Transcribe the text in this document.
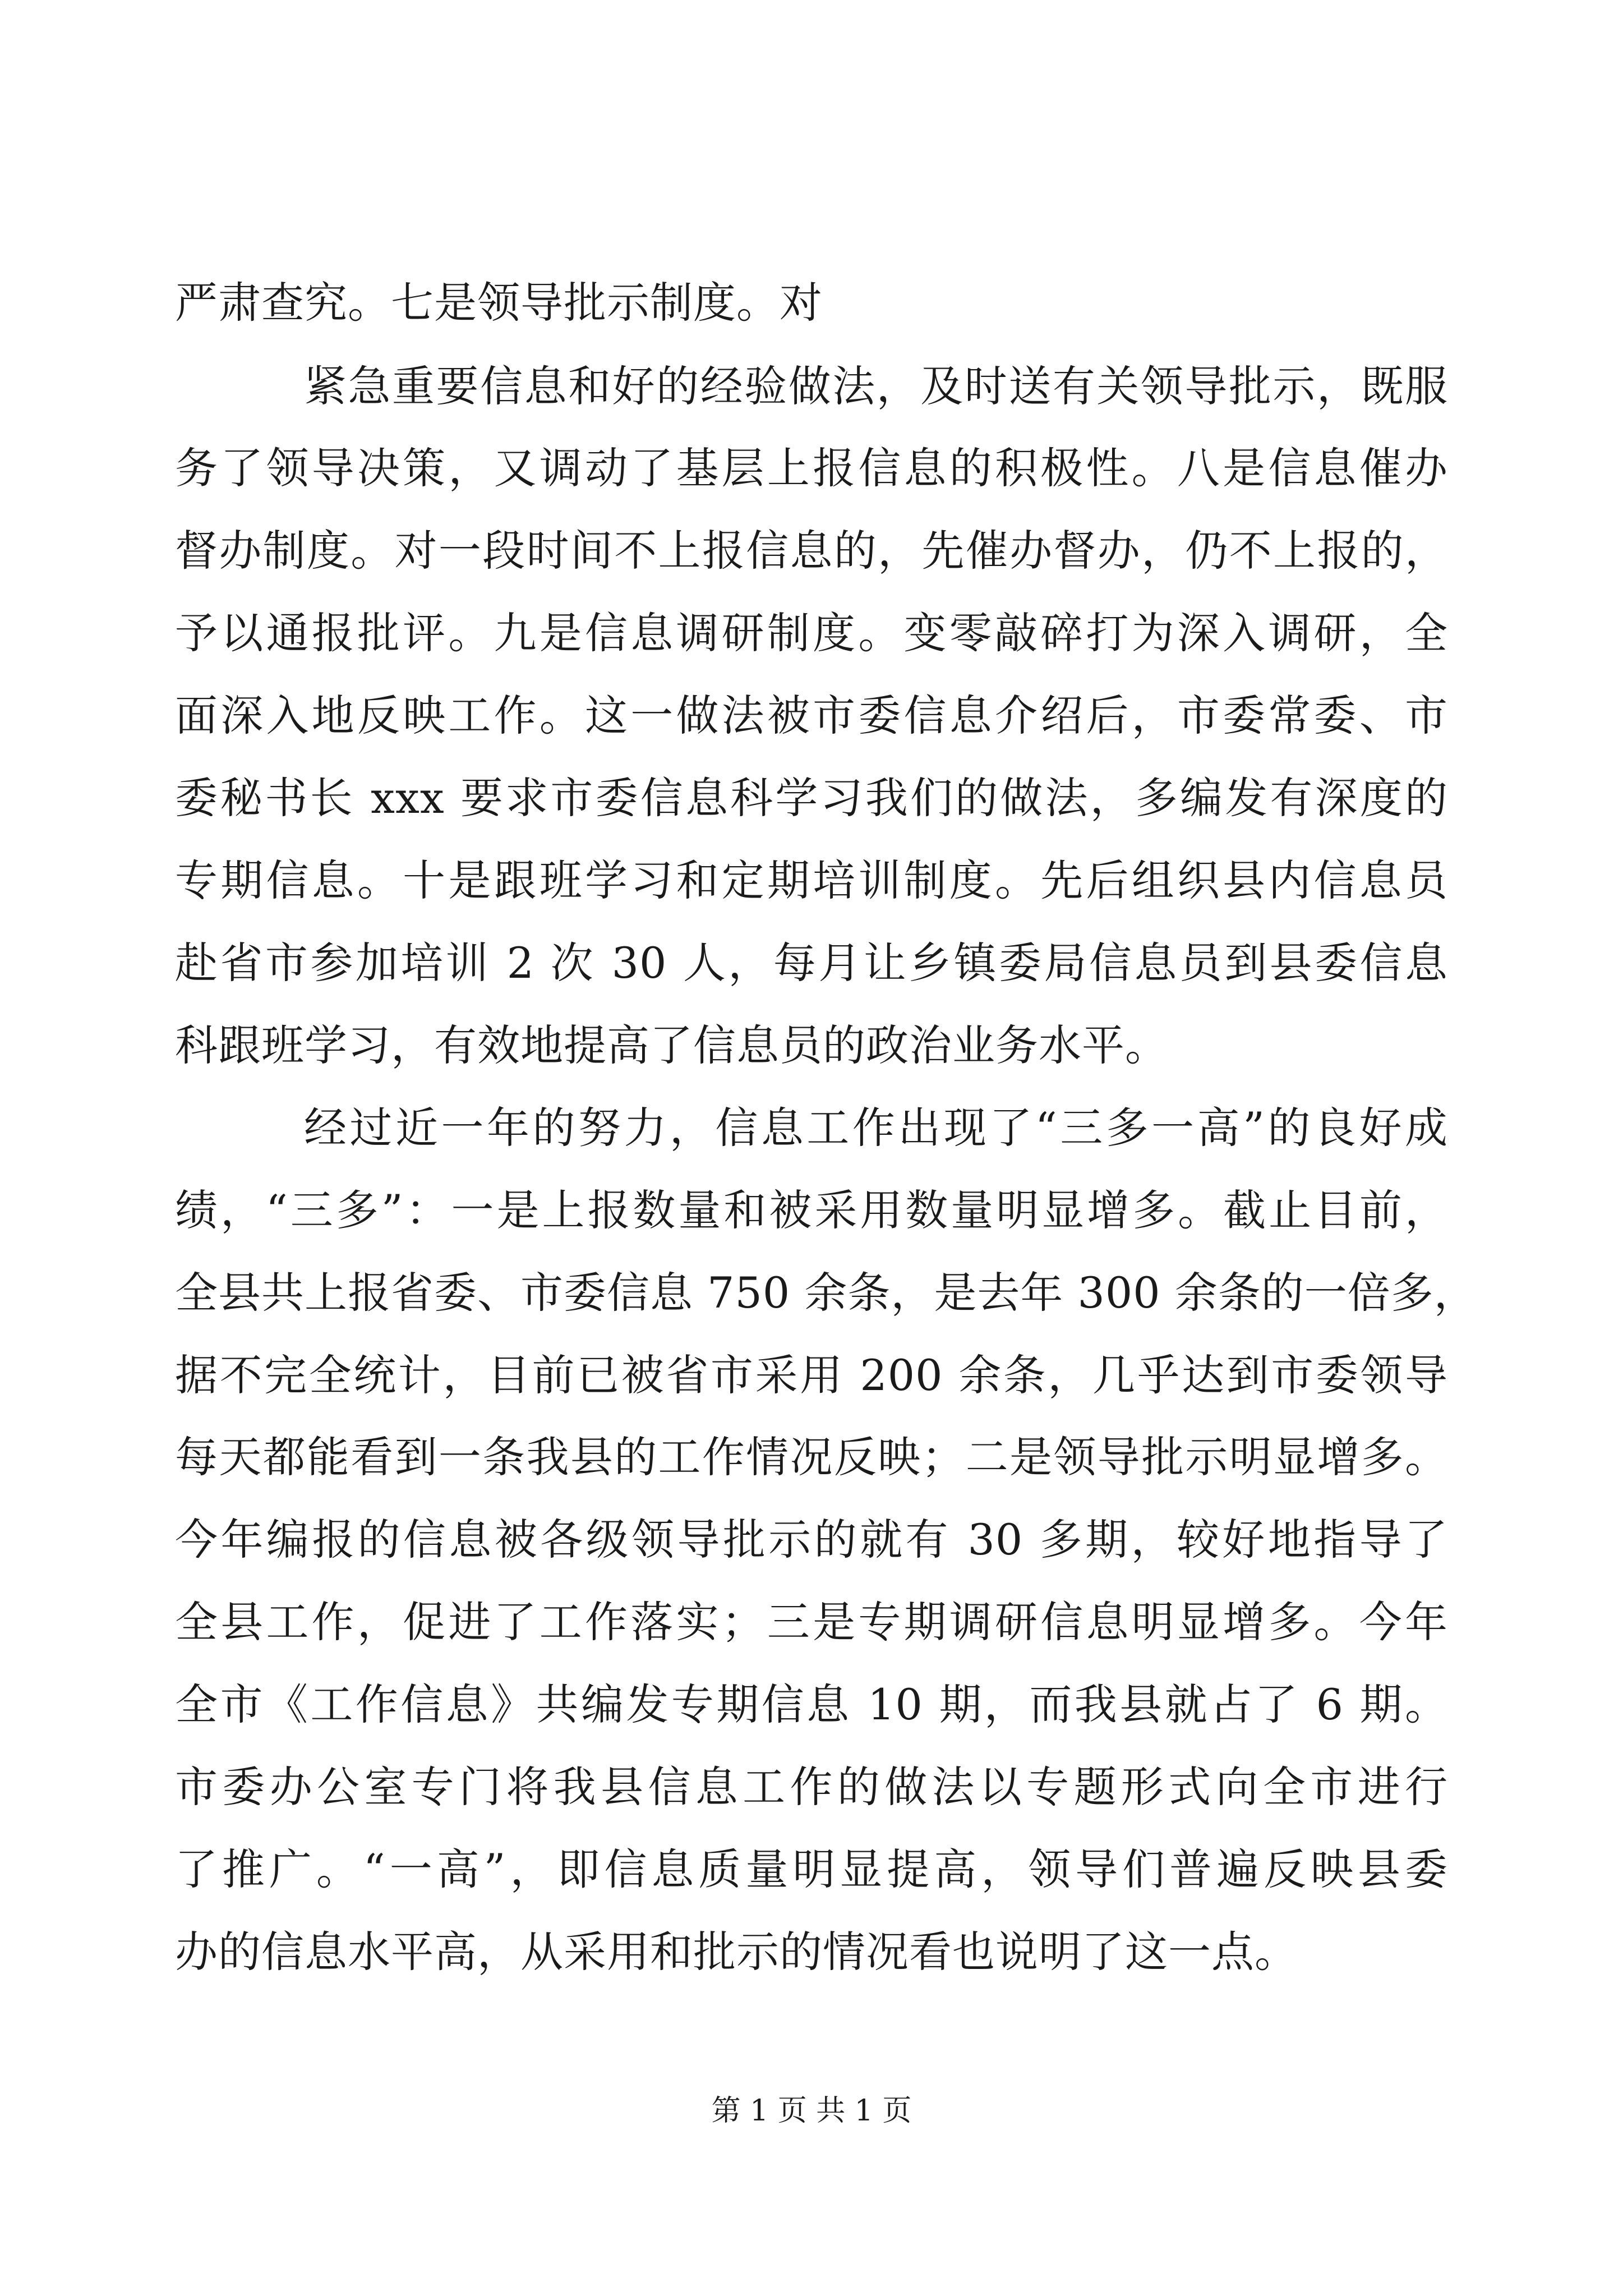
严肃查究。七是领导批示制度。对

紧急重要信息和好的经验做法，及时送有关领导批示，既服

务了领导决策，又调动了基层上报信息的积极性。八是信息催办

督办制度。对一段时间不上报信息的，先催办督办，仍不上报的，

予以通报批评。九是信息调研制度。变零敲碎打为深入调研，全

面深入地反映工作。这一做法被市委信息介绍后，市委常委、市

委秘书长 xxx 要求市委信息科学习我们的做法，多编发有深度的

专期信息。十是跟班学习和定期培训制度。先后组织县内信息员

赴省市参加培训 2 次 30 人，每月让乡镇委局信息员到县委信息

科跟班学习，有效地提高了信息员的政治业务水平。

经过近一年的努力，信息工作出现了“三多一高”的良好成

绩，“三多”：一是上报数量和被采用数量明显增多。截止目前，

全县共上报省委、市委信息 750 余条，是去年 300 余条的一倍多，

据不完全统计，目前已被省市采用 200 余条，几乎达到市委领导

每天都能看到一条我县的工作情况反映；二是领导批示明显增多。

今年编报的信息被各级领导批示的就有 30 多期，较好地指导了

全县工作，促进了工作落实；三是专期调研信息明显增多。今年

全市《工作信息》共编发专期信息 10 期，而我县就占了 6 期。

市委办公室专门将我县信息工作的做法以专题形式向全市进行

了推广。“一高”，即信息质量明显提高，领导们普遍反映县委

办的信息水平高，从采用和批示的情况看也说明了这一点。

第 1 页 共 1 页
